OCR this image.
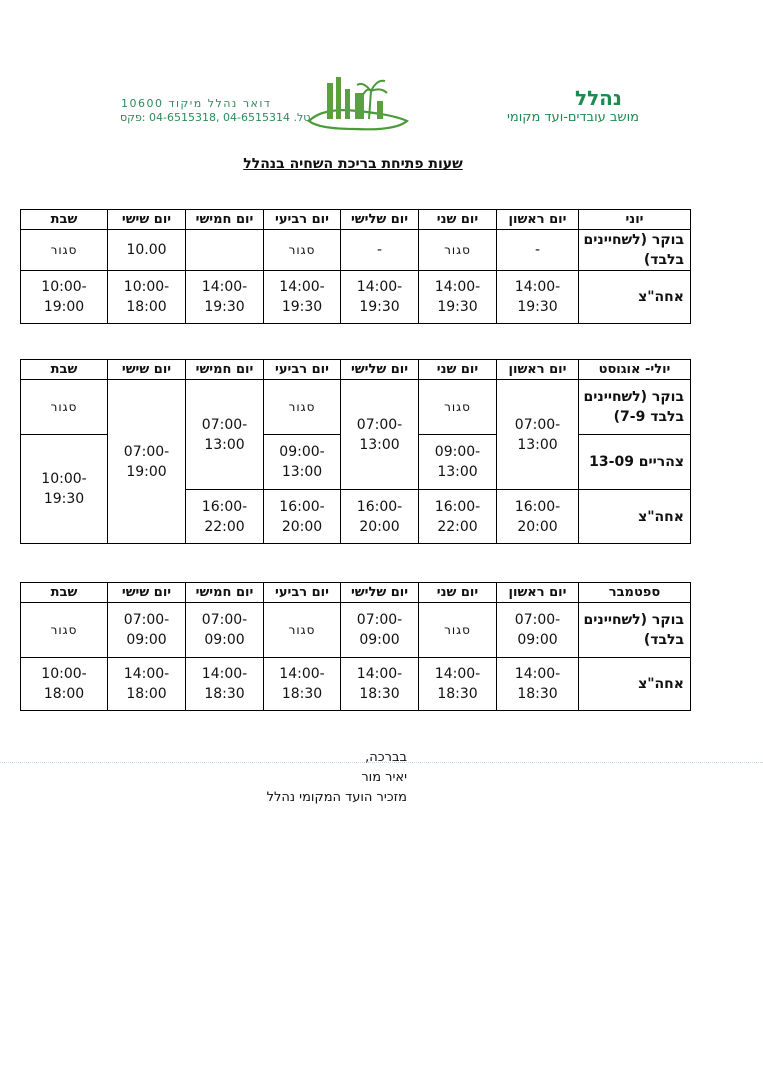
נהלל
מושב עובדים-ועד מקומי
דואר נהלל מיקוד 10600
טל. 04-6515314 ,04-6515318 :פקס
שעות פתיחת בריכת השחיה בנהלל
יוני	יום ראשון	יום שני	יום שלישי	יום רביעי	יום חמישי	יום שישי	שבת
בוקר (לשחיינים בלבד)	-	סגור	-	סגור		10.00	סגור
אחה"צ	14:00-19:30	14:00-19:30	14:00-19:30	14:00-19:30	14:00-19:30	10:00-18:00	10:00-19:00
יולי- אוגוסט	יום ראשון	יום שני	יום שלישי	יום רביעי	יום חמישי	יום שישי	שבת
בוקר (לשחיינים בלבד 7-9)	07:00-13:00	סגור	07:00-13:00	סגור	07:00-13:00	07:00-19:00	סגור
צהריים 13-09		09:00-13:00		09:00-13:00			10:00-19:30
אחה"צ	16:00-20:00	16:00-22:00	16:00-20:00	16:00-20:00	16:00-22:00		
ספטמבר	יום ראשון	יום שני	יום שלישי	יום רביעי	יום חמישי	יום שישי	שבת
בוקר (לשחיינים בלבד)	07:00-09:00	סגור	07:00-09:00	סגור	07:00-09:00	07:00-09:00	סגור
אחה"צ	14:00-18:30	14:00-18:30	14:00-18:30	14:00-18:30	14:00-18:30	14:00-18:00	10:00-18:00
בברכה,
יאיר מור
מזכיר הועד המקומי נהלל
